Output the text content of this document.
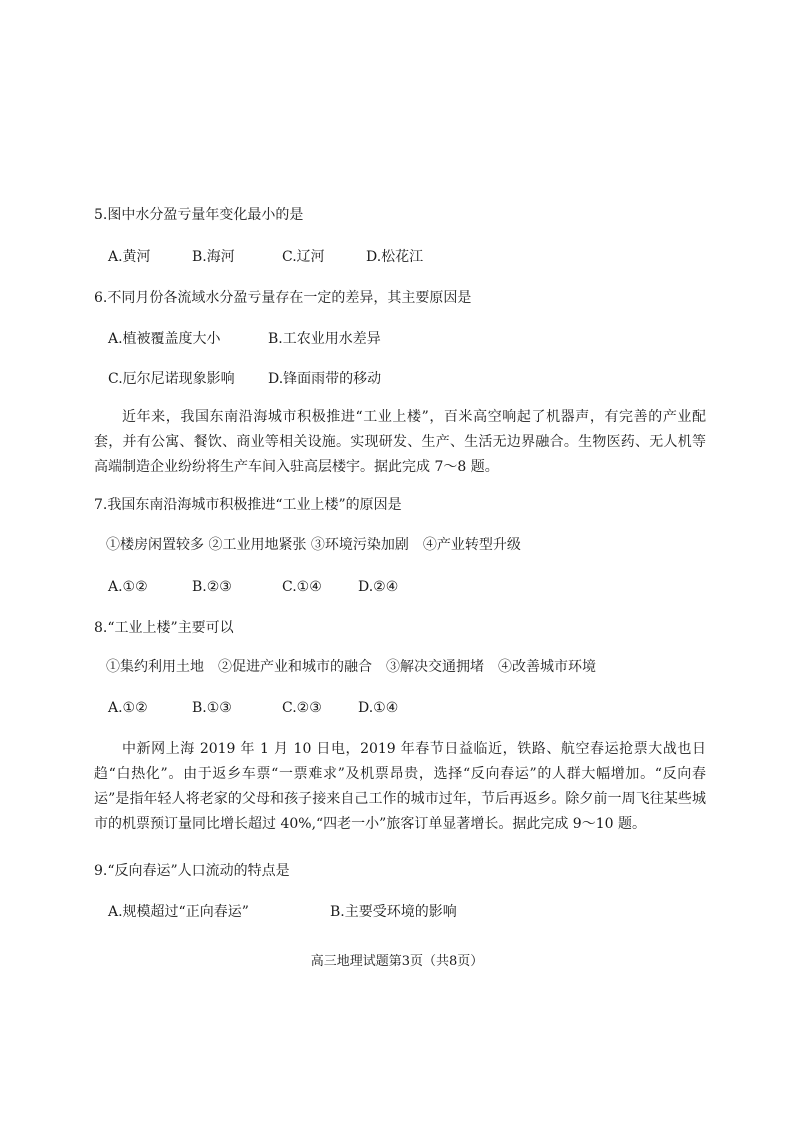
5.图中水分盈亏量年变化最小的是
A.黄河	B.海河	C.辽河	D.松花江
6.不同月份各流域水分盈亏量存在一定的差异，其主要原因是
A.植被覆盖度大小	B.工农业用水差异
C.厄尔尼诺现象影响 D.锋面雨带的移动
近年来，我国东南沿海城市积极推进“工业上楼”，百米高空响起了机器声，有完善的产业配套，并有公寓、餐饮、商业等相关设施。实现研发、生产、生活无边界融合。生物医药、无人机等高端制造企业纷纷将生产车间入驻高层楼宇。据此完成 7～8 题。
7.我国东南沿海城市积极推进“工业上楼”的原因是
①楼房闲置较多 ②工业用地紧张 ③环境污染加剧　④产业转型升级
A.①②	B.②③	C.①④	D.②④
8.“工业上楼”主要可以
①集约利用土地　②促进产业和城市的融合　③解决交通拥堵　④改善城市环境
A.①②	B.①③	C.②③	D.①④
中新网上海 2019 年 1 月 10 日电，2019 年春节日益临近，铁路、航空春运抢票大战也日趋“白热化”。由于返乡车票“一票难求”及机票昂贵，选择“反向春运”的人群大幅增加。“反向春运”是指年轻人将老家的父母和孩子接来自己工作的城市过年，节后再返乡。除夕前一周飞往某些城市的机票预订量同比增长超过 40%,“四老一小”旅客订单显著增长。据此完成 9～10 题。
9.“反向春运”人口流动的特点是
A.规模超过“正向春运”	B.主要受环境的影响
高三地理试题第3页（共8页）
